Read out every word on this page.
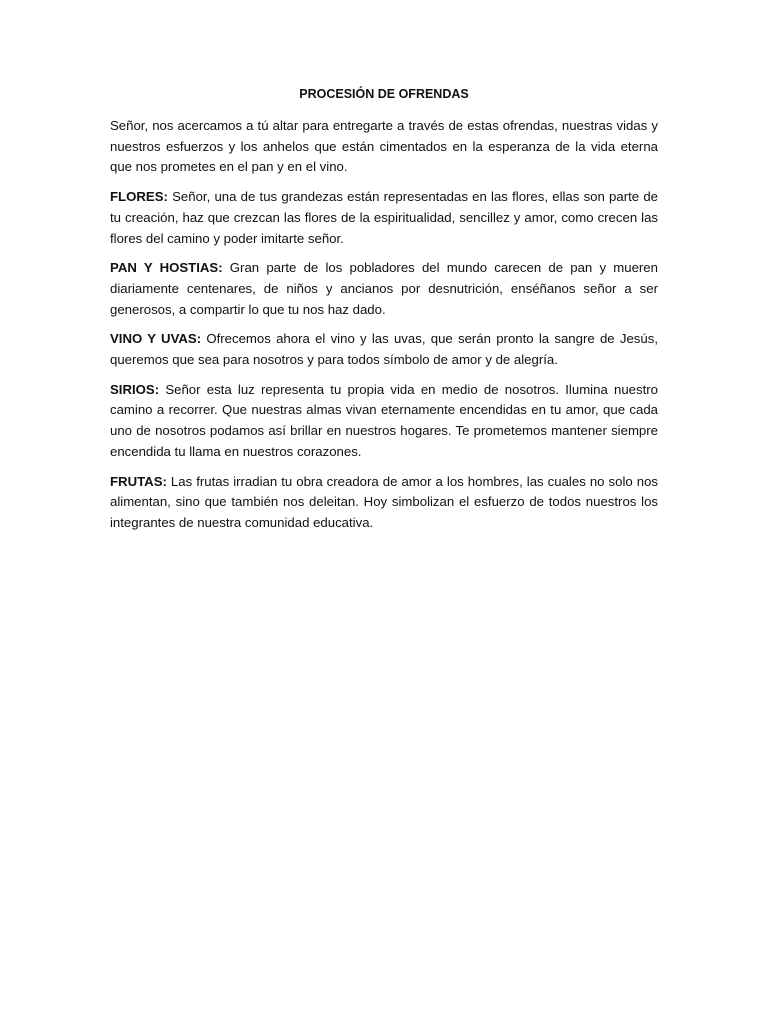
PROCESIÓN DE OFRENDAS

Señor, nos acercamos a tú altar para entregarte a través de estas ofrendas, nuestras vidas y nuestros esfuerzos y los anhelos que están cimentados en la esperanza de la vida eterna que nos prometes en el pan y en el vino.

FLORES: Señor, una de tus grandezas están representadas en las flores, ellas son parte de tu creación, haz que crezcan las flores de la espiritualidad, sencillez y amor, como crecen las flores del camino y poder imitarte señor.

PAN Y HOSTIAS: Gran parte de los pobladores del mundo carecen de pan y mueren diariamente centenares, de niños y ancianos por desnutrición, enséñanos señor a ser generosos, a compartir lo que tu nos haz dado.

VINO Y UVAS: Ofrecemos ahora el vino y las uvas, que serán pronto la sangre de Jesús, queremos que sea para nosotros y para todos símbolo de amor y de alegría.

SIRIOS: Señor esta luz representa tu propia vida en medio de nosotros. Ilumina nuestro camino a recorrer. Que nuestras almas vivan eternamente encendidas en tu amor, que cada uno de nosotros podamos así brillar en nuestros hogares. Te prometemos mantener siempre encendida tu llama en nuestros corazones.

FRUTAS: Las frutas irradian tu obra creadora de amor a los hombres, las cuales no solo nos alimentan, sino que también nos deleitan. Hoy simbolizan el esfuerzo de todos nuestros los integrantes de nuestra comunidad educativa.
